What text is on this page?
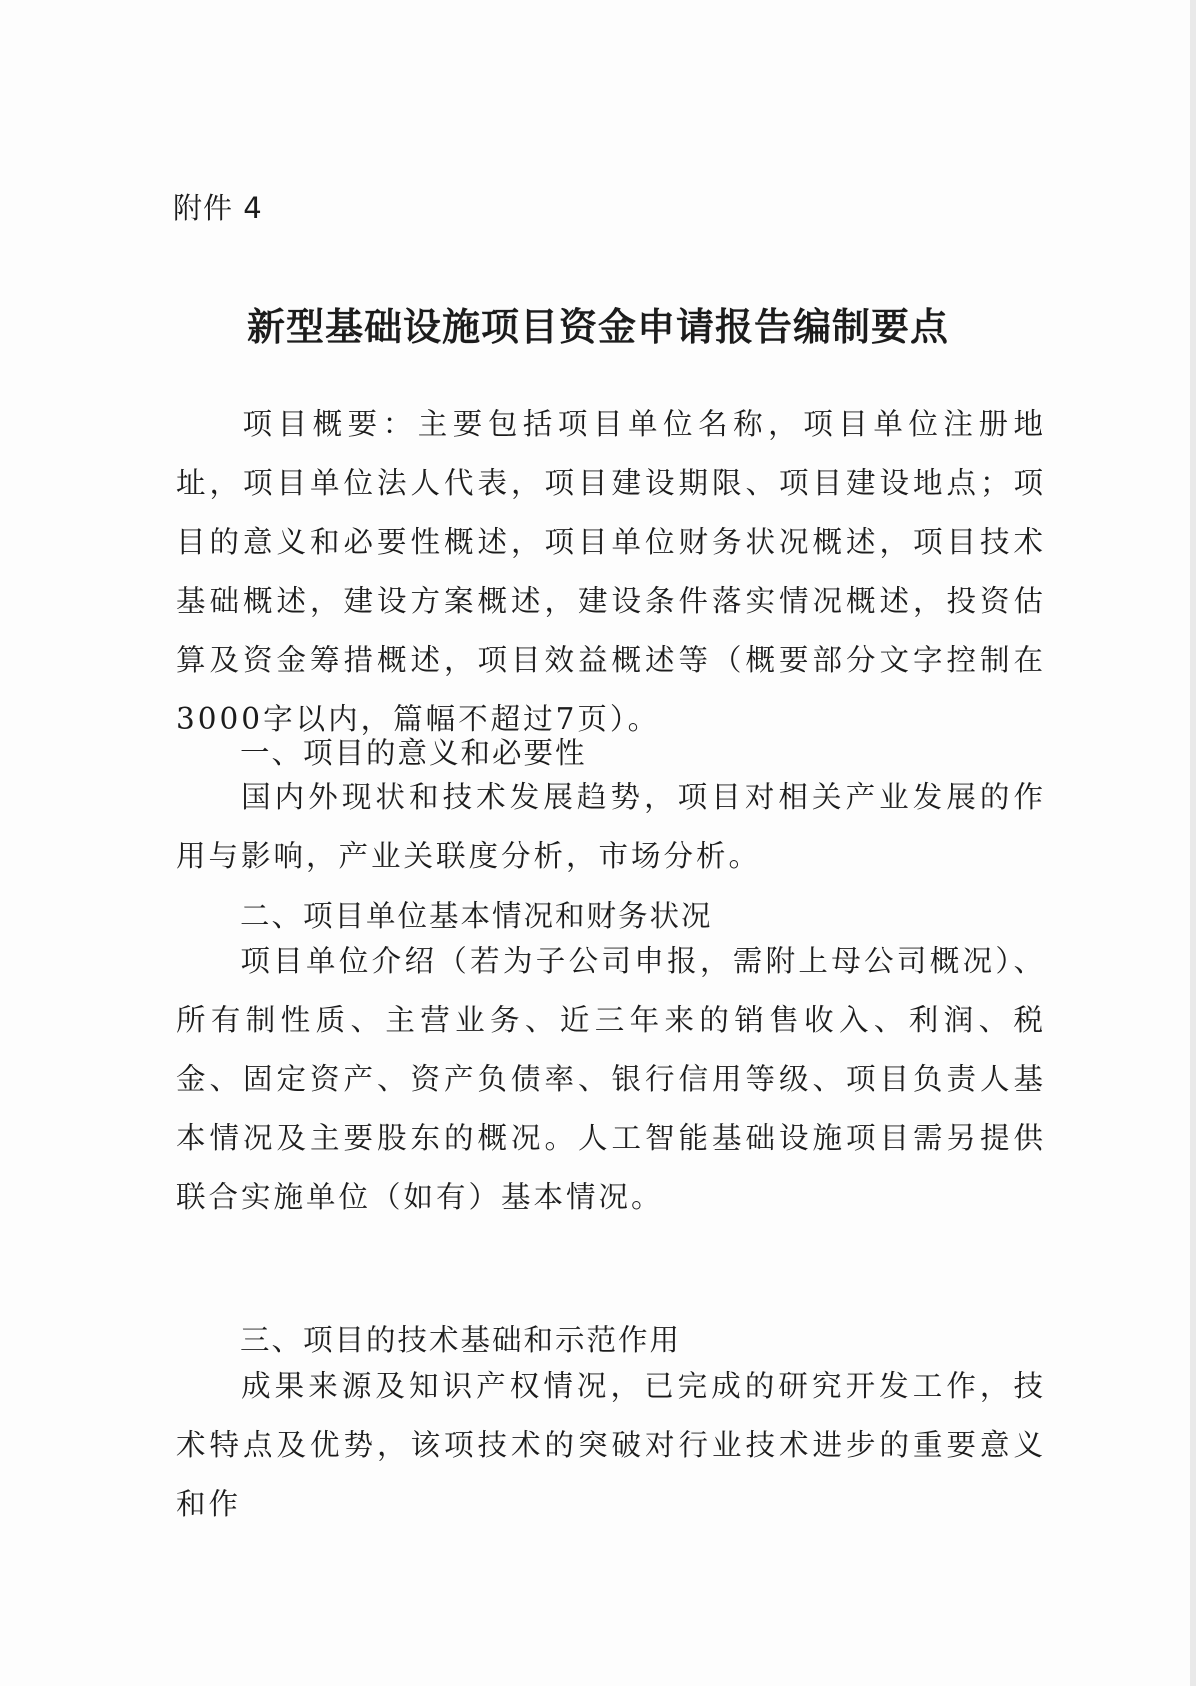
附件 4
新型基础设施项目资金申请报告编制要点
项目概要：主要包括项目单位名称，项目单位注册地址，项目单位法人代表，项目建设期限、项目建设地点；项目的意义和必要性概述，项目单位财务状况概述，项目技术基础概述，建设方案概述，建设条件落实情况概述，投资估算及资金筹措概述，项目效益概述等（概要部分文字控制在3000字以内，篇幅不超过7页）。
一、项目的意义和必要性
国内外现状和技术发展趋势，项目对相关产业发展的作用与影响，产业关联度分析，市场分析。
二、项目单位基本情况和财务状况
项目单位介绍（若为子公司申报，需附上母公司概况）、所有制性质、主营业务、近三年来的销售收入、利润、税金、固定资产、资产负债率、银行信用等级、项目负责人基本情况及主要股东的概况。人工智能基础设施项目需另提供联合实施单位（如有）基本情况。
三、项目的技术基础和示范作用
成果来源及知识产权情况，已完成的研究开发工作，技术特点及优势，该项技术的突破对行业技术进步的重要意义和作
